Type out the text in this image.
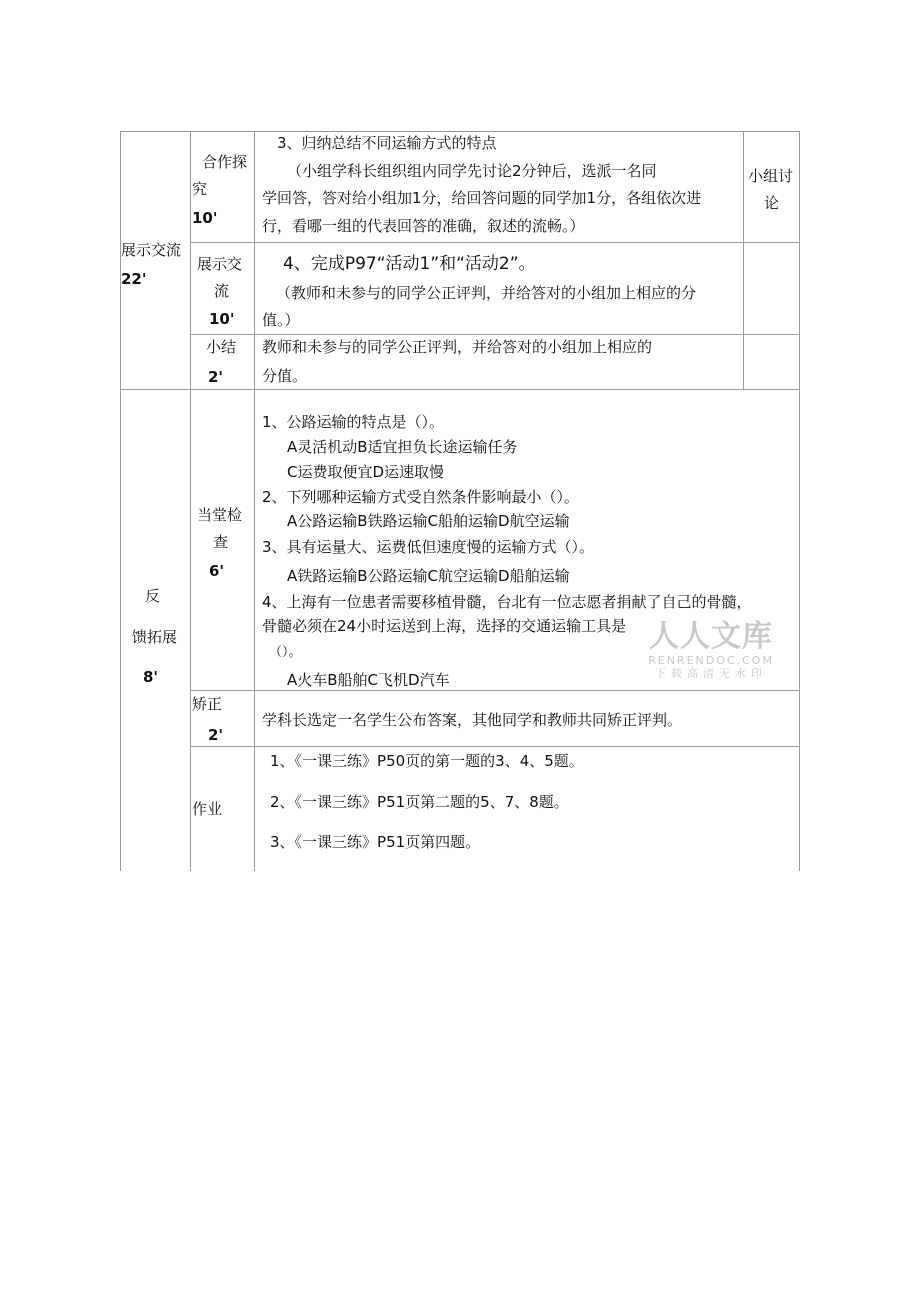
展示交流
22'
合作探
究
10'
3、归纳总结不同运输方式的特点
（小组学科长组织组内同学先讨论2分钟后，选派一名同
学回答，答对给小组加1分，给回答问题的同学加1分，各组依次进
行，看哪一组的代表回答的准确，叙述的流畅。）
小组讨
论
展示交
流
10'
4、完成P97“活动1”和“活动2”。
（教师和未参与的同学公正评判，并给答对的小组加上相应的分
值。）
小结
2'
教师和未参与的同学公正评判，并给答对的小组加上相应的
分值。
反
馈拓展
8'
当堂检
查
6'
1、公路运输的特点是（）。
A灵活机动B适宜担负长途运输任务
C运费取便宜D运速取慢
2、下列哪种运输方式受自然条件影响最小（）。
A公路运输B铁路运输C船舶运输D航空运输
3、具有运量大、运费低但速度慢的运输方式（）。
A铁路运输B公路运输C航空运输D船舶运输
4、上海有一位患者需要移植骨髓，台北有一位志愿者捐献了自己的骨髓，
骨髓必须在24小时运送到上海，选择的交通运输工具是
（）。
A火车B船舶C飞机D汽车
矫正
2'
学科长选定一名学生公布答案，其他同学和教师共同矫正评判。
作业
1、《一课三练》P50页的第一题的3、4、5题。
2、《一课三练》P51页第二题的5、7、8题。
3、《一课三练》P51页第四题。
人人文库
RENRENDOC.COM
下载高清无水印
